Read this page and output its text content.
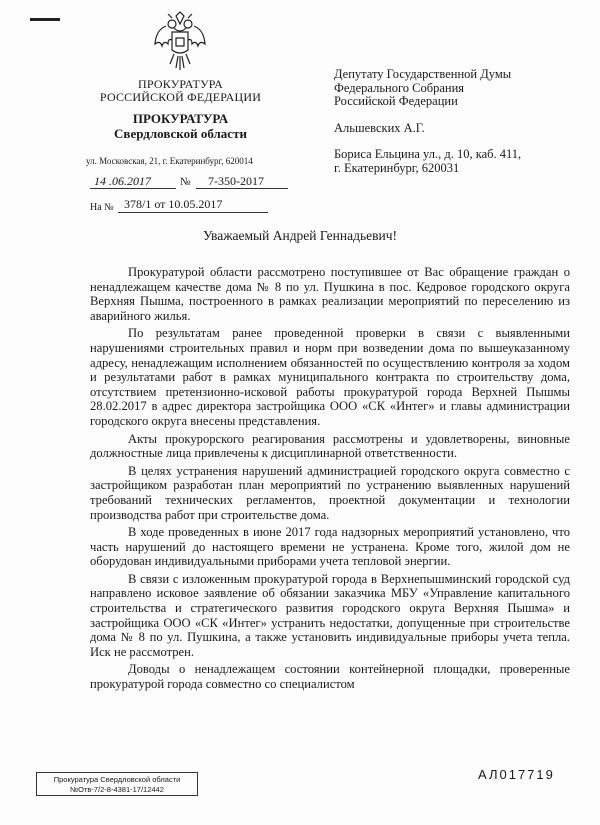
ПРОКУРАТУРА
РОССИЙСКОЙ ФЕДЕРАЦИИ
ПРОКУРАТУРА
Свердловской области
ул. Московская, 21, г. Екатеринбург, 620014
14 .06.2017	№ 7-350-2017
На № 378/1 от 10.05.2017
Депутату Государственной Думы
Федерального Собрания
Российской Федерации
Альшевских А.Г.
Бориса Ельцина ул., д. 10, каб. 411,
г. Екатеринбург, 620031
Уважаемый Андрей Геннадьевич!

Прокуратурой области рассмотрено поступившее от Вас обращение граждан о ненадлежащем качестве дома № 8 по ул. Пушкина в пос. Кедровое городского округа Верхняя Пышма, построенного в рамках реализации мероприятий по переселению из аварийного жилья.

По результатам ранее проведенной проверки в связи с выявленными нарушениями строительных правил и норм при возведении дома по вышеуказанному адресу, ненадлежащим исполнением обязанностей по осуществлению контроля за ходом и результатами работ в рамках муниципального контракта по строительству дома, отсутствием претензионно-исковой работы прокуратурой города Верхней Пышмы 28.02.2017 в адрес директора застройщика ООО «СК «Интег» и главы администрации городского округа внесены представления.

Акты прокурорского реагирования рассмотрены и удовлетворены, виновные должностные лица привлечены к дисциплинарной ответственности.

В целях устранения нарушений администрацией городского округа совместно с застройщиком разработан план мероприятий по устранению выявленных нарушений требований технических регламентов, проектной документации и технологии производства работ при строительстве дома.

В ходе проведенных в июне 2017 года надзорных мероприятий установлено, что часть нарушений до настоящего времени не устранена. Кроме того, жилой дом не оборудован индивидуальными приборами учета тепловой энергии.

В связи с изложенным прокуратурой города в Верхнепышминский городской суд направлено исковое заявление об обязании заказчика МБУ «Управление капитального строительства и стратегического развития городского округа Верхняя Пышма» и застройщика ООО «СК «Интег» устранить недостатки, допущенные при строительстве дома № 8 по ул. Пушкина, а также установить индивидуальные приборы учета тепла. Иск не рассмотрен.

Доводы о ненадлежащем состоянии контейнерной площадки, проверенные прокуратурой города совместно со специалистом

Прокуратура Свердловской области
№Отв-7/2-8-4381-17/12442
АЛ017719
